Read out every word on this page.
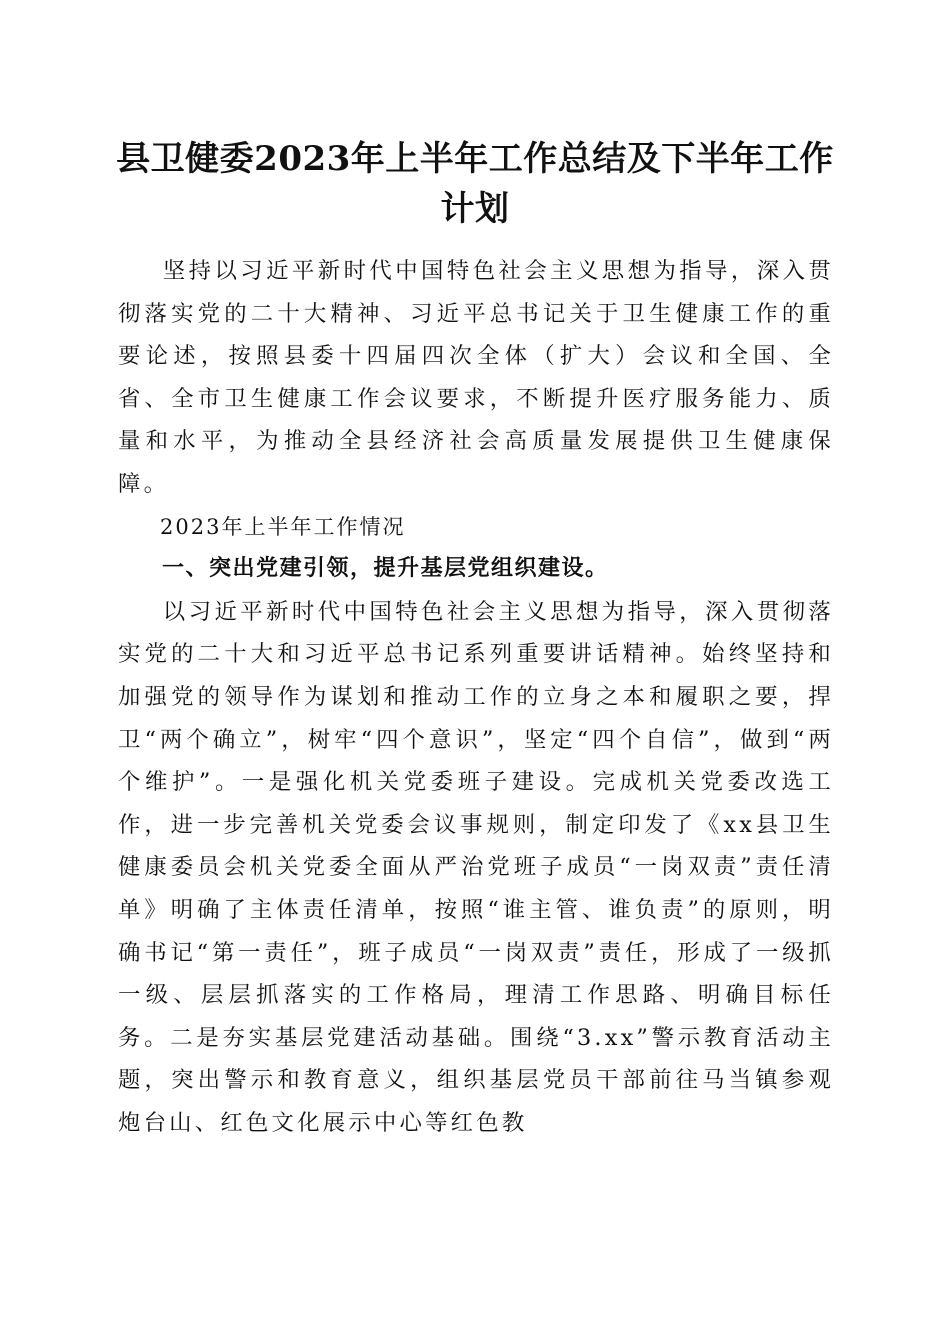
县卫健委2023年上半年工作总结及下半年工作计划

坚持以习近平新时代中国特色社会主义思想为指导，深入贯彻落实党的二十大精神、习近平总书记关于卫生健康工作的重要论述，按照县委十四届四次全体（扩大）会议和全国、全省、全市卫生健康工作会议要求，不断提升医疗服务能力、质量和水平，为推动全县经济社会高质量发展提供卫生健康保障。

2023年上半年工作情况

一、突出党建引领，提升基层党组织建设。

以习近平新时代中国特色社会主义思想为指导，深入贯彻落实党的二十大和习近平总书记系列重要讲话精神。始终坚持和加强党的领导作为谋划和推动工作的立身之本和履职之要，捍卫“两个确立”，树牢“四个意识”，坚定“四个自信”，做到“两个维护”。一是强化机关党委班子建设。完成机关党委改选工作，进一步完善机关党委会议事规则，制定印发了《xx县卫生健康委员会机关党委全面从严治党班子成员“一岗双责”责任清单》明确了主体责任清单，按照“谁主管、谁负责”的原则，明确书记“第一责任”，班子成员“一岗双责”责任，形成了一级抓一级、层层抓落实的工作格局，理清工作思路、明确目标任务。二是夯实基层党建活动基础。围绕“3.xx”警示教育活动主题，突出警示和教育意义，组织基层党员干部前往马当镇参观炮台山、红色文化展示中心等红色教
